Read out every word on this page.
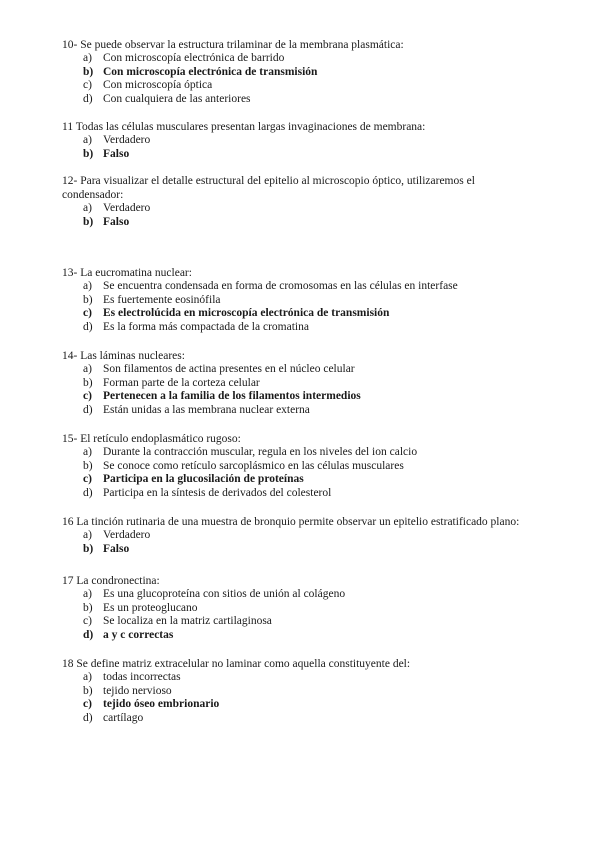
10- Se puede observar la estructura trilaminar de la membrana plasmática:

a) Con microscopía electrónica de barrido
b) Con microscopía electrónica de transmisión
c) Con microscopía óptica
d) Con cualquiera de las anteriores

11 Todas las células musculares presentan largas invaginaciones de membrana:

a) Verdadero
b) Falso

12- Para visualizar el detalle estructural del epitelio al microscopio óptico, utilizaremos el condensador:

a) Verdadero
b) Falso

13- La eucromatina nuclear:

a) Se encuentra condensada en forma de cromosomas en las células en interfase
b) Es fuertemente eosinófila
c) Es electrolúcida en microscopía electrónica de transmisión
d) Es la forma más compactada de la cromatina

14- Las láminas nucleares:

a) Son filamentos de actina presentes en el núcleo celular
b) Forman parte de la corteza celular
c) Pertenecen a la familia de los filamentos intermedios
d) Están unidas a las membrana nuclear externa

15- El retículo endoplasmático rugoso:

a) Durante la contracción muscular, regula en los niveles del ion calcio
b) Se conoce como retículo sarcoplásmico en las células musculares
c) Participa en la glucosilación de proteínas
d) Participa en la síntesis de derivados del colesterol

16 La tinción rutinaria de una muestra de bronquio permite observar un epitelio estratificado plano:

a) Verdadero
b) Falso

17 La condronectina:

a) Es una glucoproteína con sitios de unión al colágeno
b) Es un proteoglucano
c) Se localiza en la matriz cartilaginosa
d) a y c correctas

18 Se define matriz extracelular no laminar como aquella constituyente del:

a) todas incorrectas
b) tejido nervioso
c) tejido óseo embrionario
d) cartílago
